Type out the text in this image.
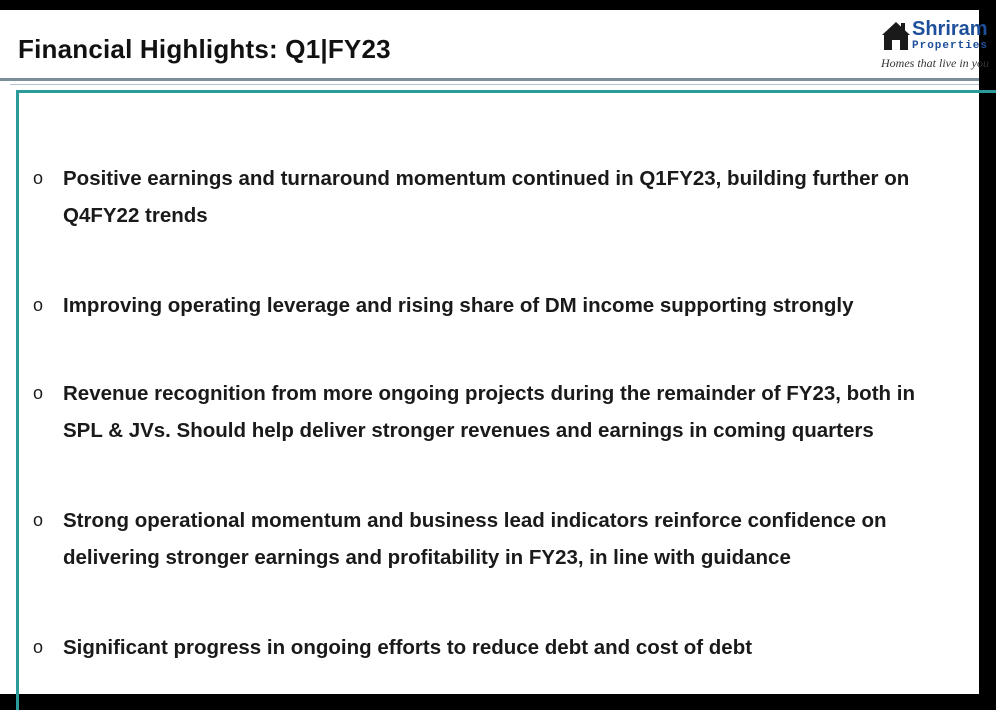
Financial Highlights: Q1|FY23
Shriram
Properties
Homes that live in you
o Positive earnings and turnaround momentum continued in Q1FY23, building further on Q4FY22 trends
o Improving operating leverage and rising share of DM income supporting strongly
o Revenue recognition from more ongoing projects during the remainder of FY23, both in SPL & JVs. Should help deliver stronger revenues and earnings in coming quarters
o Strong operational momentum and business lead indicators reinforce confidence on delivering stronger earnings and profitability in FY23, in line with guidance
o Significant progress in ongoing efforts to reduce debt and cost of debt
